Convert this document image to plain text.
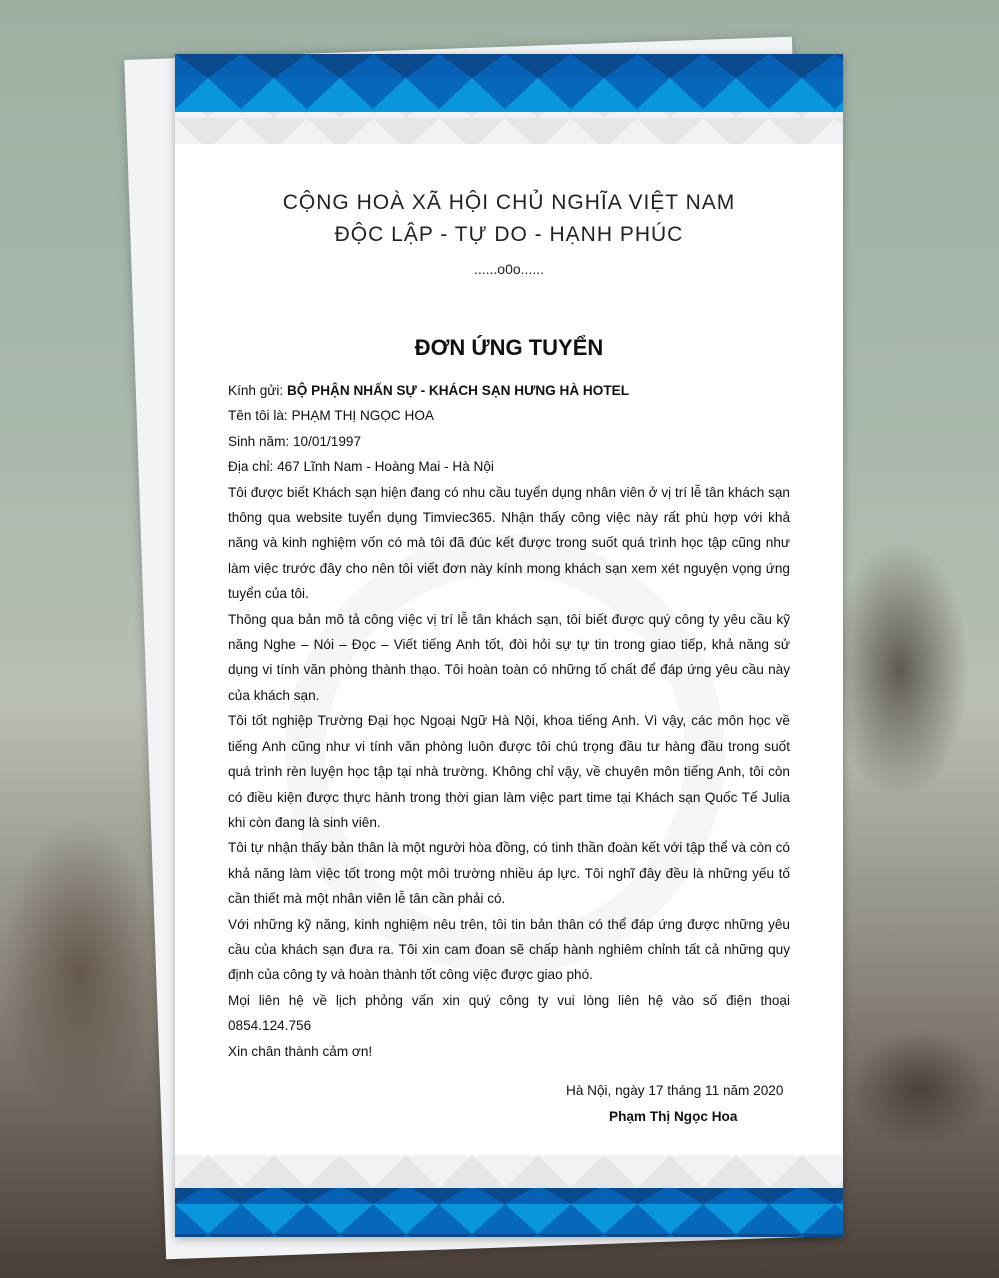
CỘNG HOÀ XÃ HỘI CHỦ NGHĨA VIỆT NAM
ĐỘC LẬP - TỰ DO - HẠNH PHÚC
......o0o......
ĐƠN ỨNG TUYỂN

Kính gửi: BỘ PHẬN NHẤN SỰ - KHÁCH SẠN HƯNG HÀ HOTEL

Tên tôi là: PHẠM THỊ NGỌC HOA

Sinh năm: 10/01/1997

Địa chỉ: 467 Lĩnh Nam - Hoàng Mai - Hà Nội

Tôi được biết Khách sạn hiện đang có nhu cầu tuyển dụng nhân viên ở vị trí lễ tân khách sạn thông qua website tuyển dụng Timviec365. Nhận thấy công việc này rất phù hợp với khả năng và kinh nghiệm vốn có mà tôi đã đúc kết được trong suốt quá trình học tập cũng như làm việc trước đây cho nên tôi viết đơn này kính mong khách sạn xem xét nguyện vọng ứng tuyển của tôi.

Thông qua bản mô tả công việc vị trí lễ tân khách sạn, tôi biết được quý công ty yêu cầu kỹ năng Nghe – Nói – Đọc – Viết tiếng Anh tốt, đòi hỏi sự tự tin trong giao tiếp, khả năng sử dụng vi tính văn phòng thành thạo. Tôi hoàn toàn có những tố chất để đáp ứng yêu cầu này của khách sạn.

Tôi tốt nghiệp Trường Đại học Ngoại Ngữ Hà Nội, khoa tiếng Anh. Vì vậy, các môn học về tiếng Anh cũng như vi tính văn phòng luôn được tôi chú trọng đầu tư hàng đầu trong suốt quá trình rèn luyện học tập tại nhà trường. Không chỉ vậy, về chuyên môn tiếng Anh, tôi còn có điều kiện được thực hành trong thời gian làm việc part time tại Khách sạn Quốc Tế Julia khi còn đang là sinh viên.

Tôi tự nhận thấy bản thân là một người hòa đồng, có tinh thần đoàn kết với tập thể và còn có khả năng làm việc tốt trong một môi trường nhiều áp lực. Tôi nghĩ đây đều là những yếu tố cần thiết mà một nhân viên lễ tân cần phải có.

Với những kỹ năng, kinh nghiệm nêu trên, tôi tin bản thân có thể đáp ứng được những yêu cầu của khách sạn đưa ra. Tôi xin cam đoan sẽ chấp hành nghiêm chỉnh tất cả những quy định của công ty và hoàn thành tốt công việc được giao phó.

Mọi liên hệ về lịch phỏng vấn xin quý công ty vui lòng liên hệ vào số điện thoại

0854.124.756

Xin chân thành cảm ơn!

Hà Nội, ngày 17 tháng 11 năm 2020
Phạm Thị Ngọc Hoa
